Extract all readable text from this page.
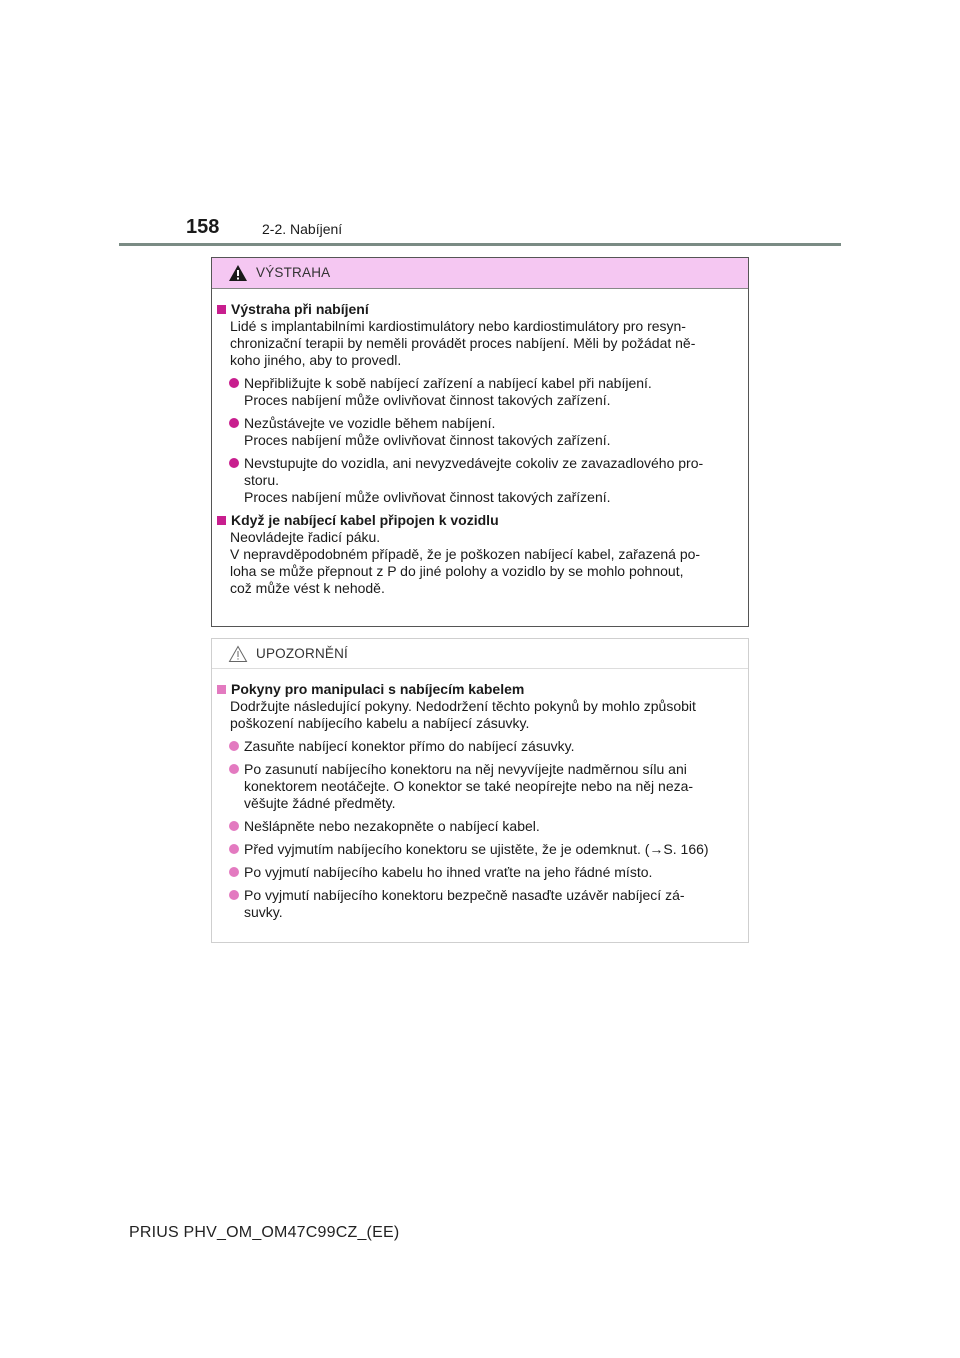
158	2-2. Nabíjení
VÝSTRAHA
Výstraha při nabíjení
Lidé s implantabilními kardiostimulátory nebo kardiostimulátory pro resyn-
chronizační terapii by neměli provádět proces nabíjení. Měli by požádat ně-
koho jiného, aby to provedl.
Nepřibližujte k sobě nabíjecí zařízení a nabíjecí kabel při nabíjení.
Proces nabíjení může ovlivňovat činnost takových zařízení.
Nezůstávejte ve vozidle během nabíjení.
Proces nabíjení může ovlivňovat činnost takových zařízení.
Nevstupujte do vozidla, ani nevyzvedávejte cokoliv ze zavazadlového pro-
storu.
Proces nabíjení může ovlivňovat činnost takových zařízení.
Když je nabíjecí kabel připojen k vozidlu
Neovládejte řadicí páku.
V nepravděpodobném případě, že je poškozen nabíjecí kabel, zařazená po-
loha se může přepnout z P do jiné polohy a vozidlo by se mohlo pohnout,
což může vést k nehodě.
UPOZORNĚNÍ
Pokyny pro manipulaci s nabíjecím kabelem
Dodržujte následující pokyny. Nedodržení těchto pokynů by mohlo způsobit
poškození nabíjecího kabelu a nabíjecí zásuvky.
Zasuňte nabíjecí konektor přímo do nabíjecí zásuvky.
Po zasunutí nabíjecího konektoru na něj nevyvíjejte nadměrnou sílu ani
konektorem neotáčejte. O konektor se také neopírejte nebo na něj neza-
věšujte žádné předměty.
Nešlápněte nebo nezakopněte o nabíjecí kabel.
Před vyjmutím nabíjecího konektoru se ujistěte, že je odemknut. (→S. 166)
Po vyjmutí nabíjecího kabelu ho ihned vraťte na jeho řádné místo.
Po vyjmutí nabíjecího konektoru bezpečně nasaďte uzávěr nabíjecí zá-
suvky.
PRIUS PHV_OM_OM47C99CZ_(EE)
